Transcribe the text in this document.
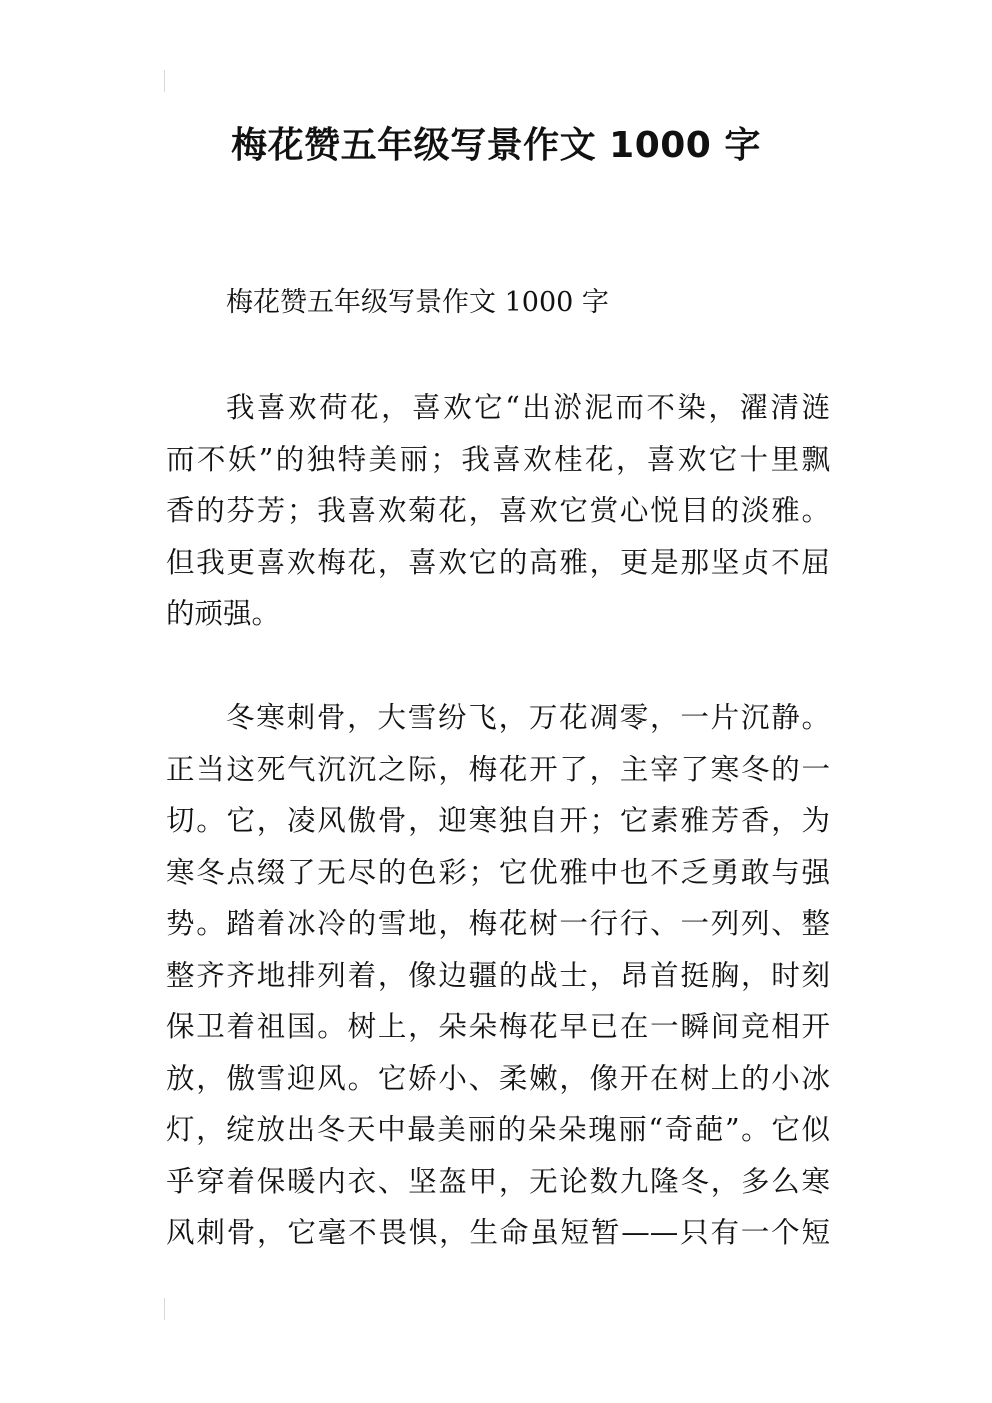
梅花赞五年级写景作文 1000 字

梅花赞五年级写景作文 1000 字

我喜欢荷花，喜欢它“出淤泥而不染，濯清涟
而不妖”的独特美丽；我喜欢桂花，喜欢它十里飘
香的芬芳；我喜欢菊花，喜欢它赏心悦目的淡雅。
但我更喜欢梅花，喜欢它的高雅，更是那坚贞不屈
的顽强。
冬寒刺骨，大雪纷飞，万花凋零，一片沉静。
正当这死气沉沉之际，梅花开了，主宰了寒冬的一
切。它，凌风傲骨，迎寒独自开；它素雅芳香，为
寒冬点缀了无尽的色彩；它优雅中也不乏勇敢与强
势。踏着冰冷的雪地，梅花树一行行、一列列、整
整齐齐地排列着，像边疆的战士，昂首挺胸，时刻
保卫着祖国。树上，朵朵梅花早已在一瞬间竞相开
放，傲雪迎风。它娇小、柔嫩，像开在树上的小冰
灯，绽放出冬天中最美丽的朵朵瑰丽“奇葩”。它似
乎穿着保暖内衣、坚盔甲，无论数九隆冬，多么寒
风刺骨，它毫不畏惧，生命虽短暂——只有一个短
